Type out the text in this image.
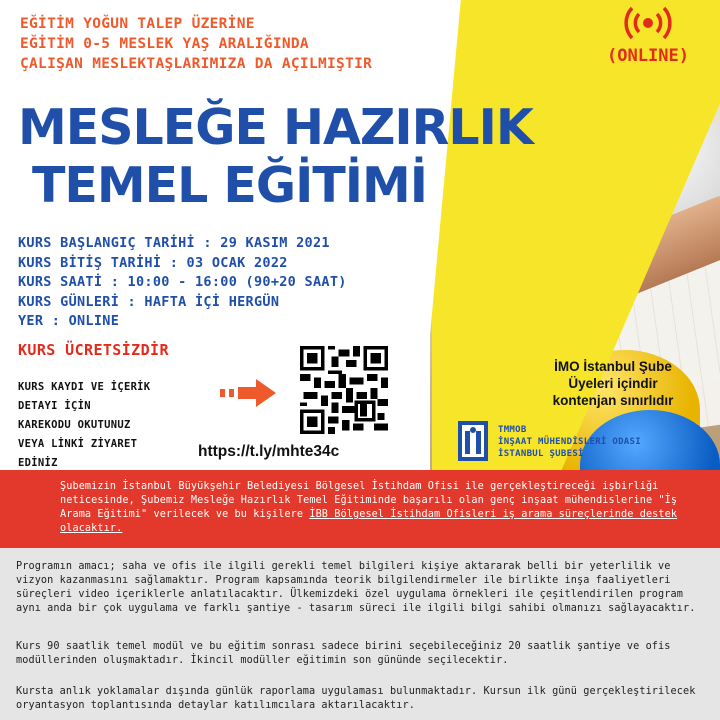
EĞİTİM YOĞUN TALEP ÜZERİNE
EĞİTİM 0-5 MESLEK YAŞ ARALIĞINDA
ÇALIŞAN MESLEKTAŞLARIMIZA DA AÇILMIŞTIR
MESLEĞE HAZIRLIK
TEMEL EĞİTİMİ
KURS BAŞLANGIÇ TARİHİ : 29 KASIM 2021
KURS BİTİŞ TARİHİ : 03 OCAK 2022
KURS SAATİ : 10:00 - 16:00 (90+20 SAAT)
KURS GÜNLERİ : HAFTA İÇİ HERGÜN
YER : ONLINE
KURS ÜCRETSİZDİR
KURS KAYDI VE İÇERİK
DETAYI İÇİN
KAREKODU OKUTUNUZ
VEYA LİNKİ ZİYARET
EDİNİZ
https://t.ly/mhte34c
(ONLINE)
İMO İstanbul Şube
Üyeleri içindir
kontenjan sınırlıdır
TMMOB
İNŞAAT MÜHENDİSLERİ ODASI
İSTANBUL ŞUBESİ

Şubemizin İstanbul Büyükşehir Belediyesi Bölgesel İstihdam Ofisi ile gerçekleştireceği işbirliği neticesinde, Şubemiz Mesleğe Hazırlık Temel Eğitiminde başarılı olan genç inşaat mühendislerine "İş Arama Eğitimi" verilecek ve bu kişilere İBB Bölgesel İstihdam Ofisleri iş arama süreçlerinde destek olacaktır.

Programın amacı; saha ve ofis ile ilgili gerekli temel bilgileri kişiye aktararak belli bir yeterlilik ve vizyon kazanmasını sağlamaktır. Program kapsamında teorik bilgilendirmeler ile birlikte inşa faaliyetleri süreçleri video içeriklerle anlatılacaktır. Ülkemizdeki özel uygulama örnekleri ile çeşitlendirilen program aynı anda bir çok uygulama ve farklı şantiye - tasarım süreci ile ilgili bilgi sahibi olmanızı sağlayacaktır.
Kurs 90 saatlik temel modül ve bu eğitim sonrası sadece birini seçebileceğiniz 20 saatlik şantiye ve ofis modüllerinden oluşmaktadır. İkincil modüller eğitimin son gününde seçilecektir.
Kursta anlık yoklamalar dışında günlük raporlama uygulaması bulunmaktadır. Kursun ilk günü gerçekleştirilecek oryantasyon toplantısında detaylar katılımcılara aktarılacaktır.
